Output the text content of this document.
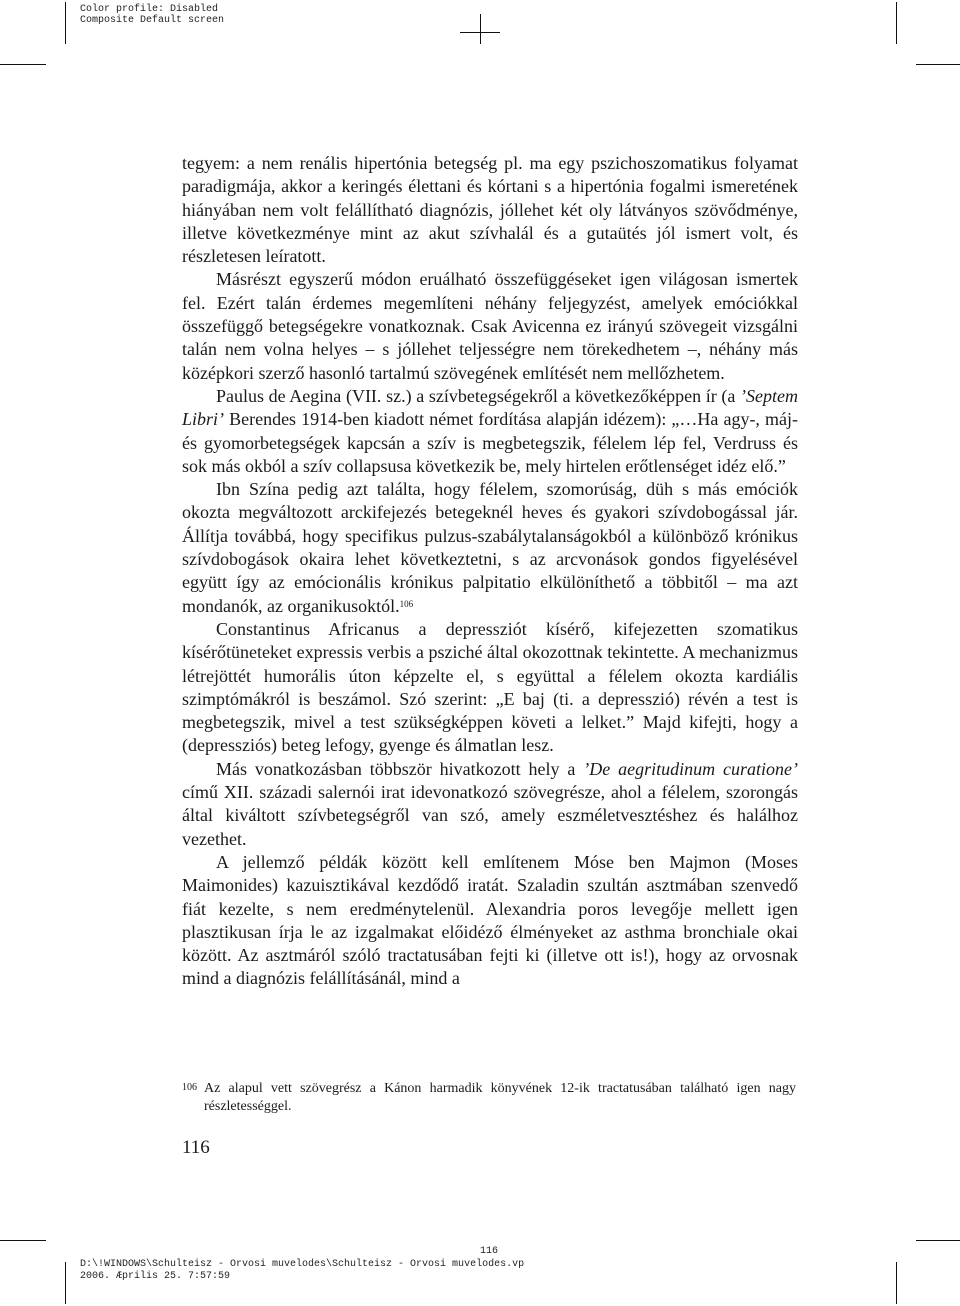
Color profile: Disabled
Composite Default screen

tegyem: a nem renális hipertónia betegség pl. ma egy pszichoszomatikus folyamat paradigmája, akkor a keringés élettani és kórtani s a hipertónia fogalmi ismeretének hiányában nem volt felállítható diagnózis, jóllehet két oly látványos szövődménye, illetve következménye mint az akut szívhalál és a gutaütés jól ismert volt, és részletesen leíratott.

Másrészt egyszerű módon eruálható összefüggéseket igen világosan ismertek fel. Ezért talán érdemes megemlíteni néhány feljegyzést, amelyek emóciókkal összefüggő betegségekre vonatkoznak. Csak Avicenna ez irányú szövegeit vizsgálni talán nem volna helyes – s jóllehet teljességre nem törekedhetem –, néhány más középkori szerző hasonló tartalmú szövegének említését nem mellőzhetem.

Paulus de Aegina (VII. sz.) a szívbetegségekről a következőképpen ír (a ’Septem Libri’ Berendes 1914-ben kiadott német fordítása alapján idézem): „…Ha agy-, máj- és gyomorbetegségek kapcsán a szív is megbetegszik, félelem lép fel, Verdruss és sok más okból a szív collapsusa következik be, mely hirtelen erőtlenséget idéz elő.”

Ibn Szína pedig azt találta, hogy félelem, szomorúság, düh s más emóciók okozta megváltozott arckifejezés betegeknél heves és gyakori szívdobogással jár. Állítja továbbá, hogy specifikus pulzus-szabálytalanságokból a különböző krónikus szívdobogások okaira lehet következtetni, s az arcvonások gondos figyelésével együtt így az emócionális krónikus palpitatio elkülöníthető a többitől – ma azt mondanók, az organikusoktól.$^{106}$

Constantinus Africanus a depressziót kísérő, kifejezetten szomatikus kísérőtüneteket expressis verbis a psziché által okozottnak tekintette. A mechanizmus létrejöttét humorális úton képzelte el, s együttal a félelem okozta kardiális szimptómákról is beszámol. Szó szerint: „E baj (ti. a depresszió) révén a test is megbetegszik, mivel a test szükségképpen követi a lelket.” Majd kifejti, hogy a (depressziós) beteg lefogy, gyenge és álmatlan lesz.

Más vonatkozásban többször hivatkozott hely a ’De aegritudinum curatione’ című XII. századi salernói irat idevonatkozó szövegrésze, ahol a félelem, szorongás által kiváltott szívbetegségről van szó, amely eszméletvesztéshez és halálhoz vezethet.

A jellemző példák között kell említenem Móse ben Majmon (Moses Maimonides) kazuisztikával kezdődő iratát. Szaladin szultán asztmában szenvedő fiát kezelte, s nem eredménytelenül. Alexandria poros levegője mellett igen plasztikusan írja le az izgalmakat előidéző élményeket az asthma bronchiale okai között. Az asztmáról szóló tractatusában fejti ki (illetve ott is!), hogy az orvosnak mind a diagnózis felállításánál, mind a

106 Az alapul vett szövegrész a Kánon harmadik könyvének 12-ik tractatusában található igen nagy részletességgel.
116
116
D:\!WINDOWS\Schulteisz - Orvosi muvelodes\Schulteisz - Orvosi muvelodes.vp
2006. Æprilis 25. 7:57:59
